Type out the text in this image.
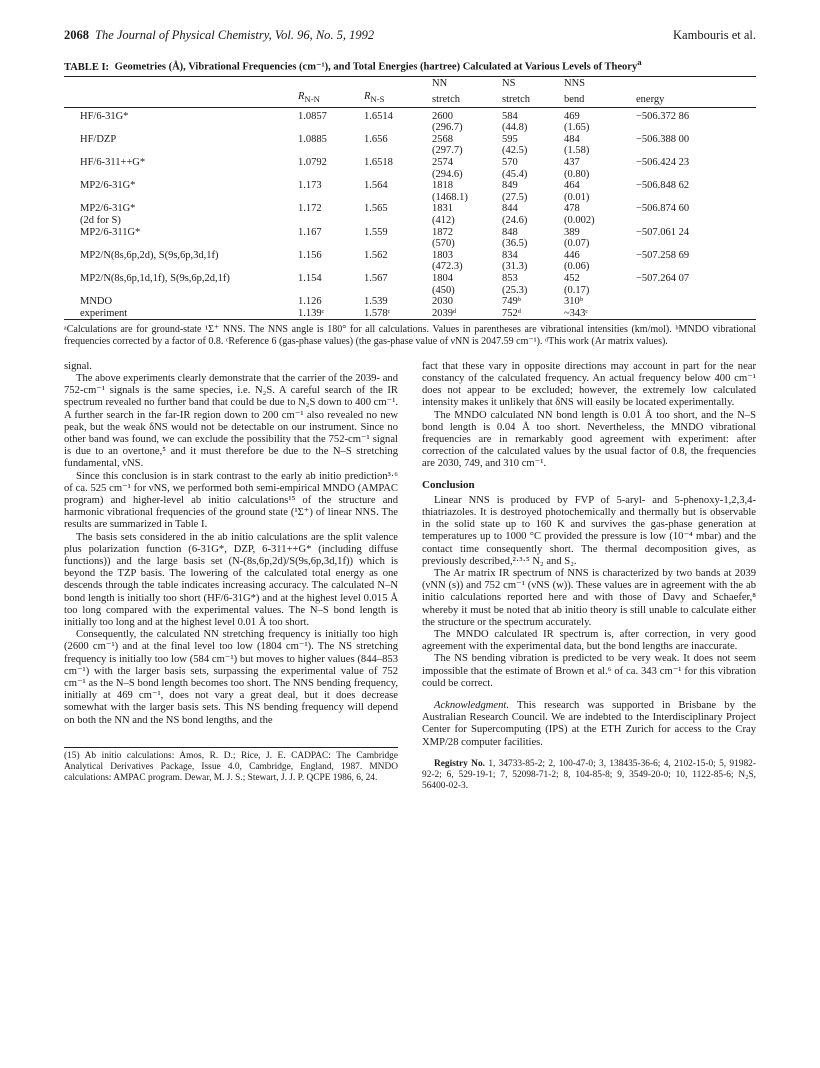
2068 The Journal of Physical Chemistry, Vol. 96, No. 5, 1992	Kambouris et al.
TABLE I: Geometries (Å), Vibrational Frequencies (cm⁻¹), and Total Energies (hartree) Calculated at Various Levels of Theory$^a$
			NN	NS	NNS	
	$R_{N-N}$	$R_{N-S}$	stretch	stretch	bend	energy
HF/6-31G*	1.0857	1.6514	2600	584	469	−506.372 86
			(296.7)	(44.8)	(1.65)	
HF/DZP	1.0885	1.656	2568	595	484	−506.388 00
			(297.7)	(42.5)	(1.58)	
HF/6-311++G*	1.0792	1.6518	2574	570	437	−506.424 23
			(294.6)	(45.4)	(0.80)	
MP2/6-31G*	1.173	1.564	1818	849	464	−506.848 62
			(1468.1)	(27.5)	(0.01)	
MP2/6-31G*	1.172	1.565	1831	844	478	−506.874 60
(2d for S)			(412)	(24.6)	(0.002)	
MP2/6-311G*	1.167	1.559	1872	848	389	−507.061 24
			(570)	(36.5)	(0.07)	
MP2/N(8s,6p,2d), S(9s,6p,3d,1f)	1.156	1.562	1803	834	446	−507.258 69
			(472.3)	(31.3)	(0.06)	
MP2/N(8s,6p,1d,1f), S(9s,6p,2d,1f)	1.154	1.567	1804	853	452	−507.264 07
			(450)	(25.3)	(0.17)	
MNDO	1.126	1.539	2030	749ᵇ	310ᵇ	
experiment	1.139ᶜ	1.578ᶜ	2039ᵈ	752ᵈ	~343ᶜ	
ᵃCalculations are for ground-state ¹Σ⁺ NNS. The NNS angle is 180° for all calculations. Values in parentheses are vibrational intensities (km/mol). ᵇMNDO vibrational frequencies corrected by a factor of 0.8. ᶜReference 6 (gas-phase values) (the gas-phase value of νNN is 2047.59 cm⁻¹). ᵈThis work (Ar matrix values).

signal.

The above experiments clearly demonstrate that the carrier of the 2039- and 752-cm⁻¹ signals is the same species, i.e. N₂S. A careful search of the IR spectrum revealed no further band that could be due to N₂S down to 400 cm⁻¹. A further search in the far-IR region down to 200 cm⁻¹ also revealed no new peak, but the weak δNS would not be detectable on our instrument. Since no other band was found, we can exclude the possibility that the 752-cm⁻¹ signal is due to an overtone,⁵ and it must therefore be due to the N–S stretching fundamental, νNS.

Since this conclusion is in stark contrast to the early ab initio prediction³·⁶ of ca. 525 cm⁻¹ for νNS, we performed both semi-empirical MNDO (AMPAC program) and higher-level ab initio calculations¹⁵ of the structure and harmonic vibrational frequencies of the ground state (¹Σ⁺) of linear NNS. The results are summarized in Table I.

The basis sets considered in the ab initio calculations are the split valence plus polarization function (6-31G*, DZP, 6-311++G* (including diffuse functions)) and the large basis set (N-(8s,6p,2d)/S(9s,6p,3d,1f)) which is beyond the TZP basis. The lowering of the calculated total energy as one descends through the table indicates increasing accuracy. The calculated N–N bond length is initially too short (HF/6-31G*) and at the highest level 0.015 Å too long compared with the experimental values. The N–S bond length is initially too long and at the highest level 0.01 Å too short.

Consequently, the calculated NN stretching frequency is initially too high (2600 cm⁻¹) and at the final level too low (1804 cm⁻¹). The NS stretching frequency is initially too low (584 cm⁻¹) but moves to higher values (844–853 cm⁻¹) with the larger basis sets, surpassing the experimental value of 752 cm⁻¹ as the N–S bond length becomes too short. The NNS bending frequency, initially at 469 cm⁻¹, does not vary a great deal, but it does decrease somewhat with the larger basis sets. This NS bending frequency will depend on both the NN and the NS bond lengths, and the

(15) Ab initio calculations: Amos, R. D.; Rice, J. E. CADPAC: The Cambridge Analytical Derivatives Package, Issue 4.0, Cambridge, England, 1987. MNDO calculations: AMPAC program. Dewar, M. J. S.; Stewart, J. J. P. QCPE 1986, 6, 24.

fact that these vary in opposite directions may account in part for the near constancy of the calculated frequency. An actual frequency below 400 cm⁻¹ does not appear to be excluded; however, the extremely low calculated intensity makes it unlikely that δNS will easily be located experimentally.

The MNDO calculated NN bond length is 0.01 Å too short, and the N–S bond length is 0.04 Å too short. Nevertheless, the MNDO vibrational frequencies are in remarkably good agreement with experiment: after correction of the calculated values by the usual factor of 0.8, the frequencies are 2030, 749, and 310 cm⁻¹.

Conclusion

Linear NNS is produced by FVP of 5-aryl- and 5-phenoxy-1,2,3,4-thiatriazoles. It is destroyed photochemically and thermally but is observable in the solid state up to 160 K and survives the gas-phase generation at temperatures up to 1000 °C provided the pressure is low (10⁻⁴ mbar) and the contact time consequently short. The thermal decomposition gives, as previously described,²·³·⁵ N₂ and S₂.

The Ar matrix IR spectrum of NNS is characterized by two bands at 2039 (νNN (s)) and 752 cm⁻¹ (νNS (w)). These values are in agreement with the ab initio calculations reported here and with those of Davy and Schaefer,⁸ whereby it must be noted that ab initio theory is still unable to calculate either the structure or the spectrum accurately.

The MNDO calculated IR spectrum is, after correction, in very good agreement with the experimental data, but the bond lengths are inaccurate.

The NS bending vibration is predicted to be very weak. It does not seem impossible that the estimate of Brown et al.⁶ of ca. 343 cm⁻¹ for this vibration could be correct.

Acknowledgment. This research was supported in Brisbane by the Australian Research Council. We are indebted to the Interdisciplinary Project Center for Supercomputing (IPS) at the ETH Zurich for access to the Cray XMP/28 computer facilities.

Registry No. 1, 34733-85-2; 2, 100-47-0; 3, 138435-36-6; 4, 2102-15-0; 5, 91982-92-2; 6, 529-19-1; 7, 52098-71-2; 8, 104-85-8; 9, 3549-20-0; 10, 1122-85-6; N₂S, 56400-02-3.
